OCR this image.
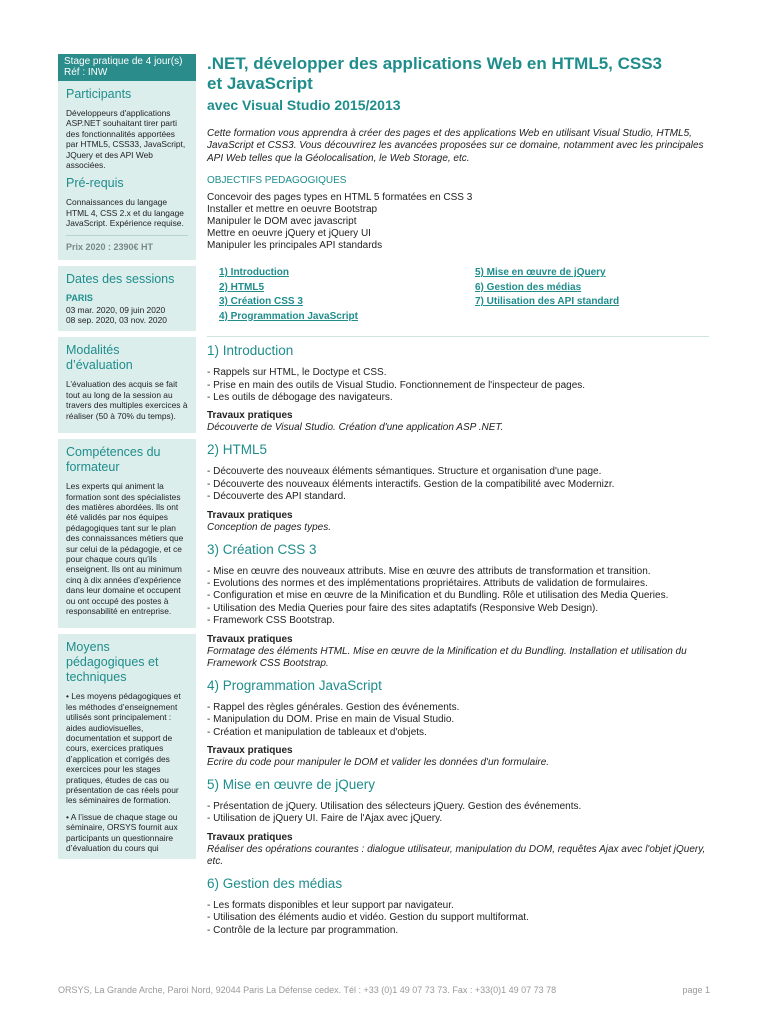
Stage pratique de 4 jour(s)
Réf : INW
Participants
Développeurs d'applications ASP.NET souhaitant tirer parti des fonctionnalités apportées par HTML5, CSS33, JavaScript, JQuery et des API Web associées.
Pré-requis
Connaissances du langage HTML 4, CSS 2.x et du langage JavaScript. Expérience requise.
Prix 2020 : 2390€ HT
Dates des sessions
PARIS
03 mar. 2020, 09 juin 2020
08 sep. 2020, 03 nov. 2020
Modalités d’évaluation
L’évaluation des acquis se fait tout au long de la session au travers des multiples exercices à réaliser (50 à 70% du temps).
Compétences du formateur
Les experts qui animent la formation sont des spécialistes des matières abordées. Ils ont été validés par nos équipes pédagogiques tant sur le plan des connaissances métiers que sur celui de la pédagogie, et ce pour chaque cours qu’ils enseignent. Ils ont au minimum cinq à dix années d’expérience dans leur domaine et occupent ou ont occupé des postes à responsabilité en entreprise.
Moyens pédagogiques et techniques
• Les moyens pédagogiques et les méthodes d’enseignement utilisés sont principalement : aides audiovisuelles, documentation et support de cours, exercices pratiques d’application et corrigés des exercices pour les stages pratiques, études de cas ou présentation de cas réels pour les séminaires de formation.
• A l’issue de chaque stage ou séminaire, ORSYS fournit aux participants un questionnaire d’évaluation du cours qui
.NET, développer des applications Web en HTML5, CSS3
et JavaScript
avec Visual Studio 2015/2013

Cette formation vous apprendra à créer des pages et des applications Web en utilisant Visual Studio, HTML5, JavaScript et CSS3. Vous découvrirez les avancées proposées sur ce domaine, notamment avec les principales API Web telles que la Géolocalisation, le Web Storage, etc.

OBJECTIFS PEDAGOGIQUES
Concevoir des pages types en HTML 5 formatées en CSS 3
Installer et mettre en oeuvre Bootstrap
Manipuler le DOM avec javascript
Mettre en oeuvre jQuery et jQuery UI
Manipuler les principales API standards
1) Introduction
2) HTML5
3) Création CSS 3
4) Programmation JavaScript
5) Mise en œuvre de jQuery
6) Gestion des médias
7) Utilisation des API standard
1) Introduction
- Rappels sur HTML, le Doctype et CSS.
- Prise en main des outils de Visual Studio. Fonctionnement de l'inspecteur de pages.
- Les outils de débogage des navigateurs.
Travaux pratiques
Découverte de Visual Studio. Création d'une application ASP .NET.
2) HTML5
- Découverte des nouveaux éléments sémantiques. Structure et organisation d'une page.
- Découverte des nouveaux éléments interactifs. Gestion de la compatibilité avec Modernizr.
- Découverte des API standard.
Travaux pratiques
Conception de pages types.
3) Création CSS 3
- Mise en œuvre des nouveaux attributs. Mise en œuvre des attributs de transformation et transition.
- Evolutions des normes et des implémentations propriétaires. Attributs de validation de formulaires.
- Configuration et mise en œuvre de la Minification et du Bundling. Rôle et utilisation des Media Queries.
- Utilisation des Media Queries pour faire des sites adaptatifs (Responsive Web Design).
- Framework CSS Bootstrap.
Travaux pratiques
Formatage des éléments HTML. Mise en œuvre de la Minification et du Bundling. Installation et utilisation du Framework CSS Bootstrap.
4) Programmation JavaScript
- Rappel des règles générales. Gestion des événements.
- Manipulation du DOM. Prise en main de Visual Studio.
- Création et manipulation de tableaux et d'objets.
Travaux pratiques
Ecrire du code pour manipuler le DOM et valider les données d'un formulaire.
5) Mise en œuvre de jQuery
- Présentation de jQuery. Utilisation des sélecteurs jQuery. Gestion des événements.
- Utilisation de jQuery UI. Faire de l'Ajax avec jQuery.
Travaux pratiques
Réaliser des opérations courantes : dialogue utilisateur, manipulation du DOM, requêtes Ajax avec l'objet jQuery, etc.
6) Gestion des médias
- Les formats disponibles et leur support par navigateur.
- Utilisation des éléments audio et vidéo. Gestion du support multiformat.
- Contrôle de la lecture par programmation.
ORSYS, La Grande Arche, Paroi Nord, 92044 Paris La Défense cedex. Tél : +33 (0)1 49 07 73 73. Fax : +33(0)1 49 07 73 78	page 1
